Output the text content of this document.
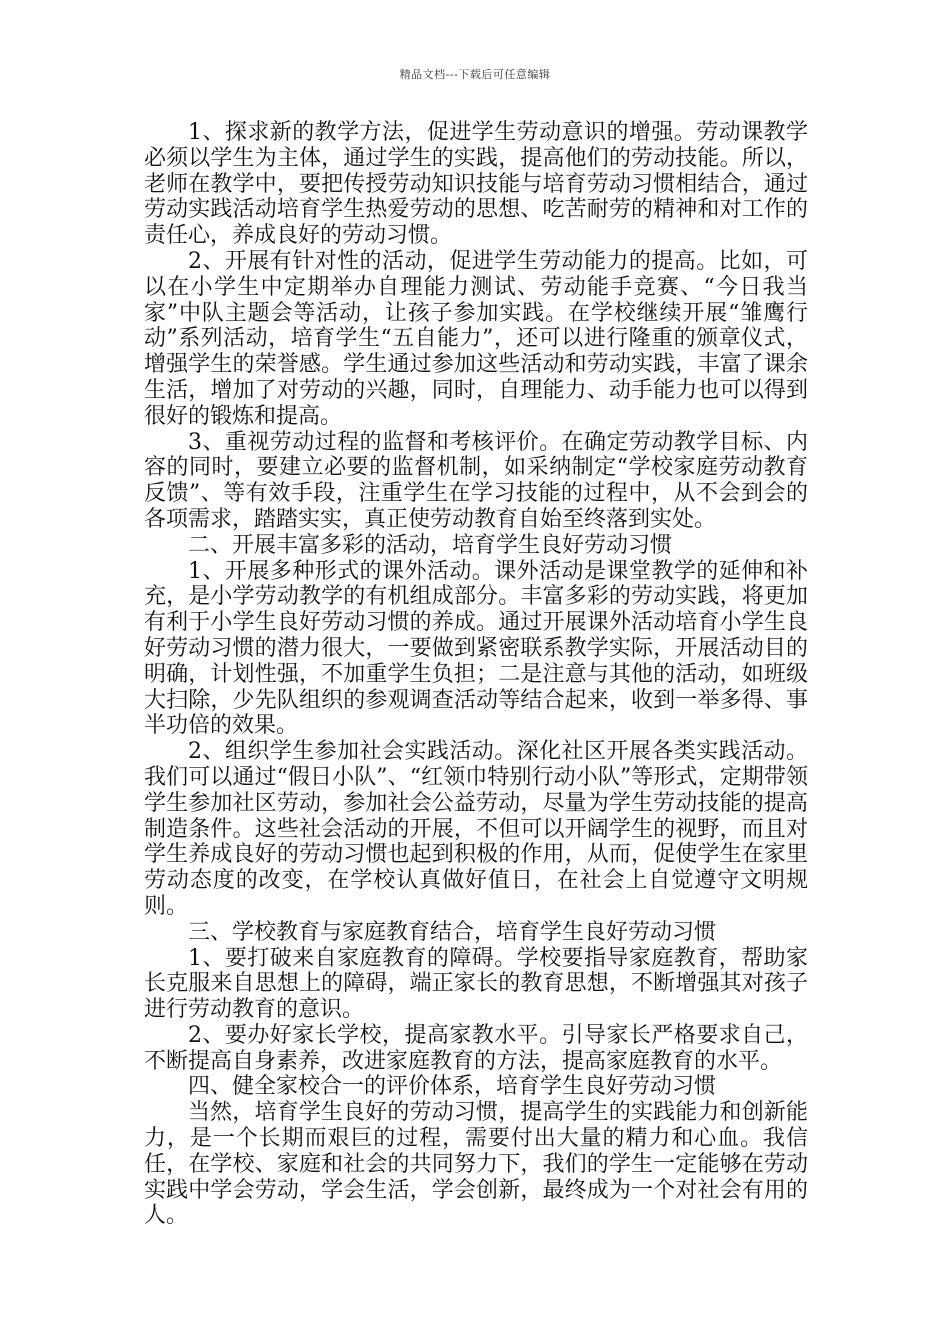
精品文档---下载后可任意编辑

1、探求新的教学方法，促进学生劳动意识的增强。劳动课教学必须以学生为主体，通过学生的实践，提高他们的劳动技能。所以，老师在教学中，要把传授劳动知识技能与培育劳动习惯相结合，通过劳动实践活动培育学生热爱劳动的思想、吃苦耐劳的精神和对工作的责任心，养成良好的劳动习惯。

2、开展有针对性的活动，促进学生劳动能力的提高。比如，可以在小学生中定期举办自理能力测试、劳动能手竞赛、“今日我当家”中队主题会等活动，让孩子参加实践。在学校继续开展“雏鹰行动”系列活动，培育学生“五自能力”，还可以进行隆重的颁章仪式，增强学生的荣誉感。学生通过参加这些活动和劳动实践，丰富了课余生活，增加了对劳动的兴趣，同时，自理能力、动手能力也可以得到很好的锻炼和提高。

3、重视劳动过程的监督和考核评价。在确定劳动教学目标、内容的同时，要建立必要的监督机制，如采纳制定“学校家庭劳动教育反馈”、等有效手段，注重学生在学习技能的过程中，从不会到会的各项需求，踏踏实实，真正使劳动教育自始至终落到实处。

二、开展丰富多彩的活动，培育学生良好劳动习惯

1、开展多种形式的课外活动。课外活动是课堂教学的延伸和补充，是小学劳动教学的有机组成部分。丰富多彩的劳动实践，将更加有利于小学生良好劳动习惯的养成。通过开展课外活动培育小学生良好劳动习惯的潜力很大，一要做到紧密联系教学实际，开展活动目的明确，计划性强，不加重学生负担；二是注意与其他的活动，如班级大扫除，少先队组织的参观调查活动等结合起来，收到一举多得、事半功倍的效果。

2、组织学生参加社会实践活动。深化社区开展各类实践活动。我们可以通过“假日小队”、“红领巾特别行动小队”等形式，定期带领学生参加社区劳动，参加社会公益劳动，尽量为学生劳动技能的提高制造条件。这些社会活动的开展，不但可以开阔学生的视野，而且对学生养成良好的劳动习惯也起到积极的作用，从而，促使学生在家里劳动态度的改变，在学校认真做好值日，在社会上自觉遵守文明规则。

三、学校教育与家庭教育结合，培育学生良好劳动习惯

1、要打破来自家庭教育的障碍。学校要指导家庭教育，帮助家长克服来自思想上的障碍，端正家长的教育思想，不断增强其对孩子进行劳动教育的意识。

2、要办好家长学校，提高家教水平。引导家长严格要求自己，不断提高自身素养，改进家庭教育的方法，提高家庭教育的水平。

四、健全家校合一的评价体系，培育学生良好劳动习惯

当然，培育学生良好的劳动习惯，提高学生的实践能力和创新能力，是一个长期而艰巨的过程，需要付出大量的精力和心血。我信任，在学校、家庭和社会的共同努力下，我们的学生一定能够在劳动实践中学会劳动，学会生活，学会创新，最终成为一个对社会有用的人。
